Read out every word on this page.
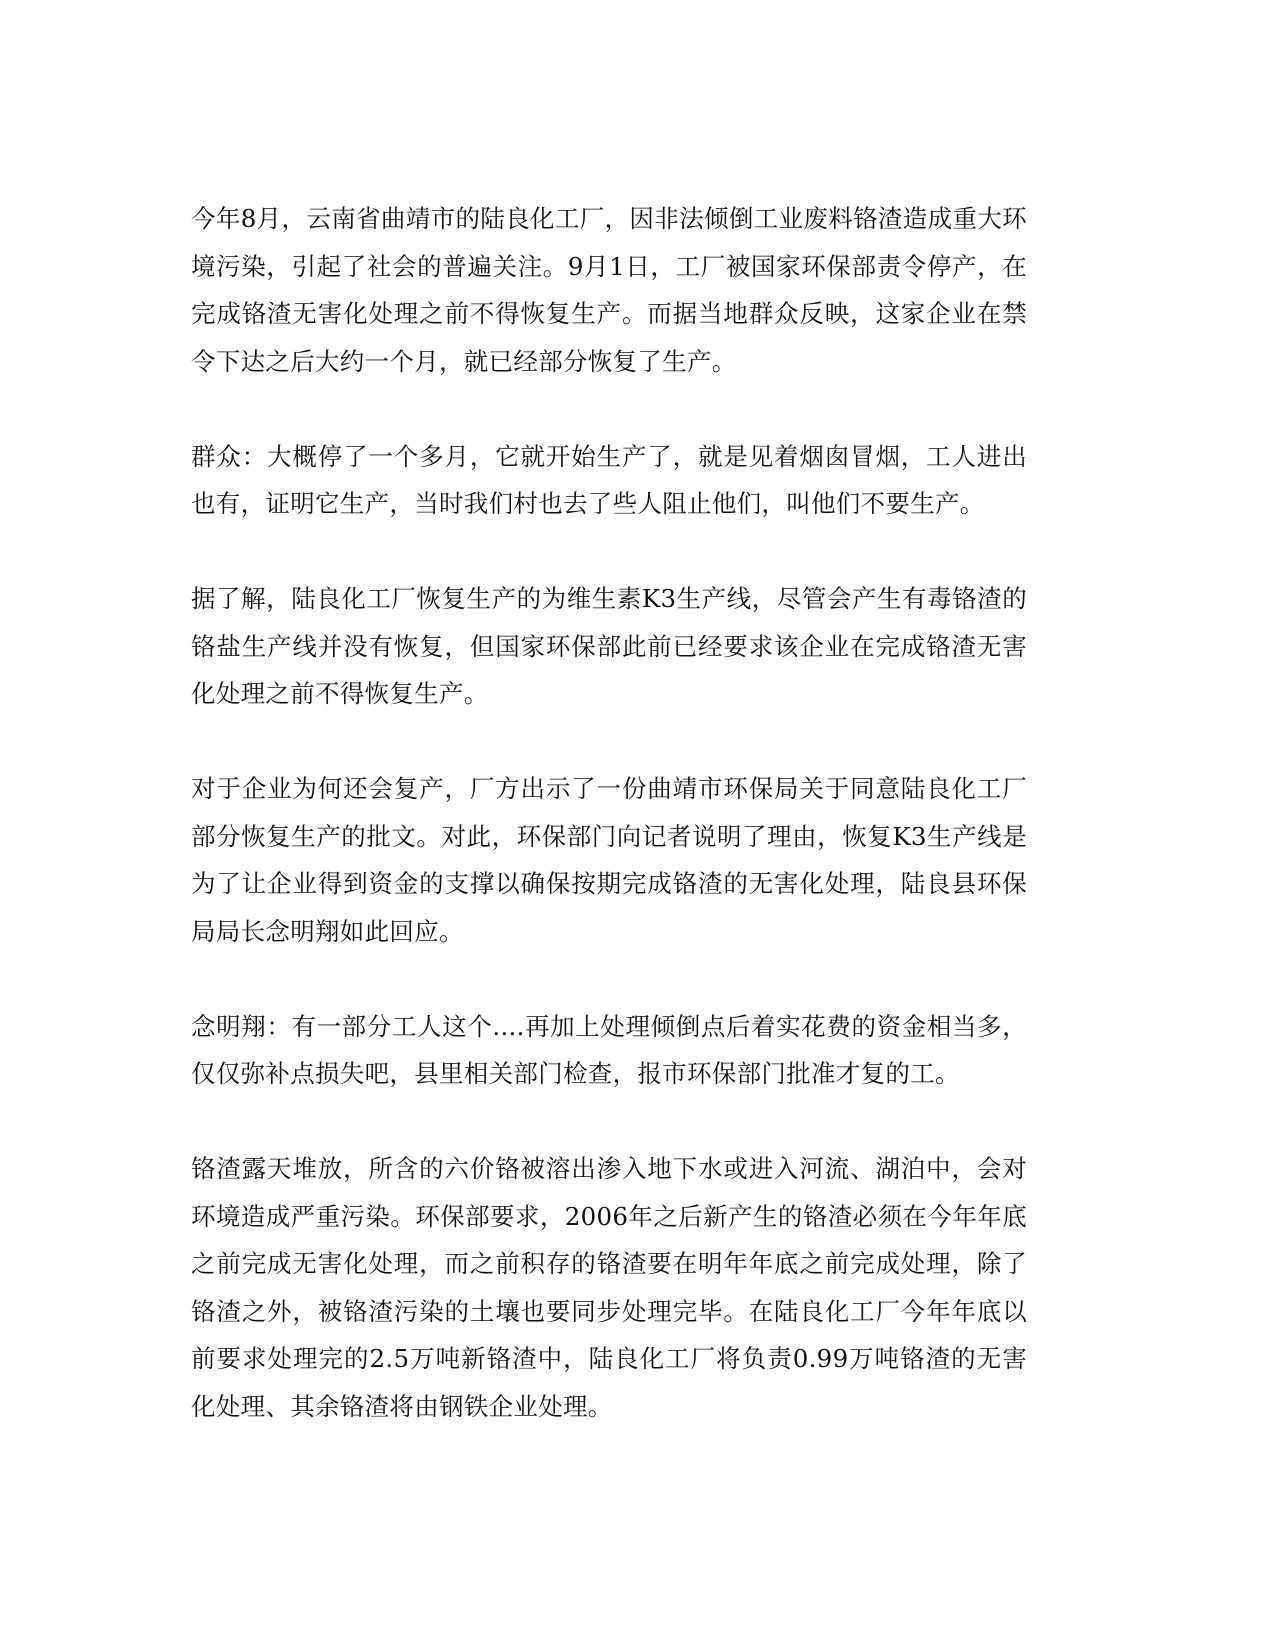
今年8月，云南省曲靖市的陆良化工厂，因非法倾倒工业废料铬渣造成重大环境污染，引起了社会的普遍关注。9月1日，工厂被国家环保部责令停产，在完成铬渣无害化处理之前不得恢复生产。而据当地群众反映，这家企业在禁令下达之后大约一个月，就已经部分恢复了生产。

群众：大概停了一个多月，它就开始生产了，就是见着烟囱冒烟，工人进出也有，证明它生产，当时我们村也去了些人阻止他们，叫他们不要生产。

据了解，陆良化工厂恢复生产的为维生素K3生产线，尽管会产生有毒铬渣的铬盐生产线并没有恢复，但国家环保部此前已经要求该企业在完成铬渣无害化处理之前不得恢复生产。

对于企业为何还会复产，厂方出示了一份曲靖市环保局关于同意陆良化工厂部分恢复生产的批文。对此，环保部门向记者说明了理由，恢复K3生产线是为了让企业得到资金的支撑以确保按期完成铬渣的无害化处理，陆良县环保局局长念明翔如此回应。

念明翔：有一部分工人这个....再加上处理倾倒点后着实花费的资金相当多，仅仅弥补点损失吧，县里相关部门检查，报市环保部门批准才复的工。

铬渣露天堆放，所含的六价铬被溶出渗入地下水或进入河流、湖泊中，会对环境造成严重污染。环保部要求，2006年之后新产生的铬渣必须在今年年底之前完成无害化处理，而之前积存的铬渣要在明年年底之前完成处理，除了铬渣之外，被铬渣污染的土壤也要同步处理完毕。在陆良化工厂今年年底以前要求处理完的2.5万吨新铬渣中，陆良化工厂将负责0.99万吨铬渣的无害化处理、其余铬渣将由钢铁企业处理。
